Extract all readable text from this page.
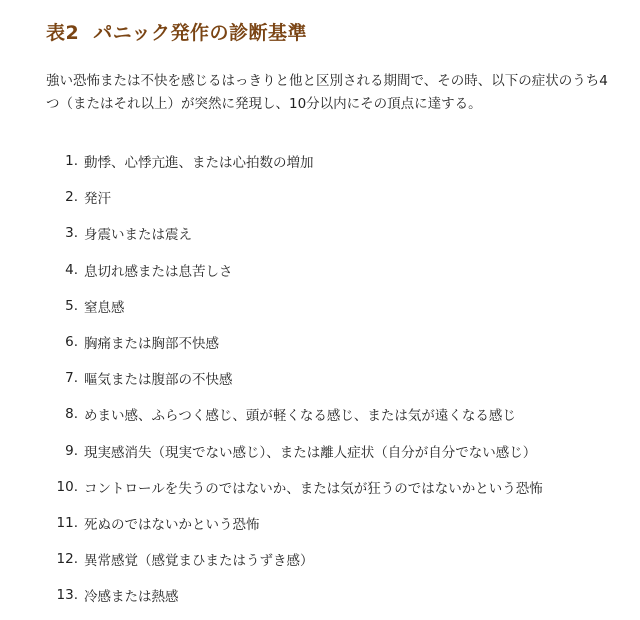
表2 パニック発作の診断基準

強い恐怖または不快を感じるはっきりと他と区別される期間で、その時、以下の症状のうち4つ（またはそれ以上）が突然に発現し、10分以内にその頂点に達する。

1. 動悸、心悸亢進、または心拍数の増加
2. 発汗
3. 身震いまたは震え
4. 息切れ感または息苦しさ
5. 窒息感
6. 胸痛または胸部不快感
7. 嘔気または腹部の不快感
8. めまい感、ふらつく感じ、頭が軽くなる感じ、または気が遠くなる感じ
9. 現実感消失（現実でない感じ）、または離人症状（自分が自分でない感じ）
10. コントロールを失うのではないか、または気が狂うのではないかという恐怖
11. 死ぬのではないかという恐怖
12. 異常感覚（感覚まひまたはうずき感）
13. 冷感または熱感
